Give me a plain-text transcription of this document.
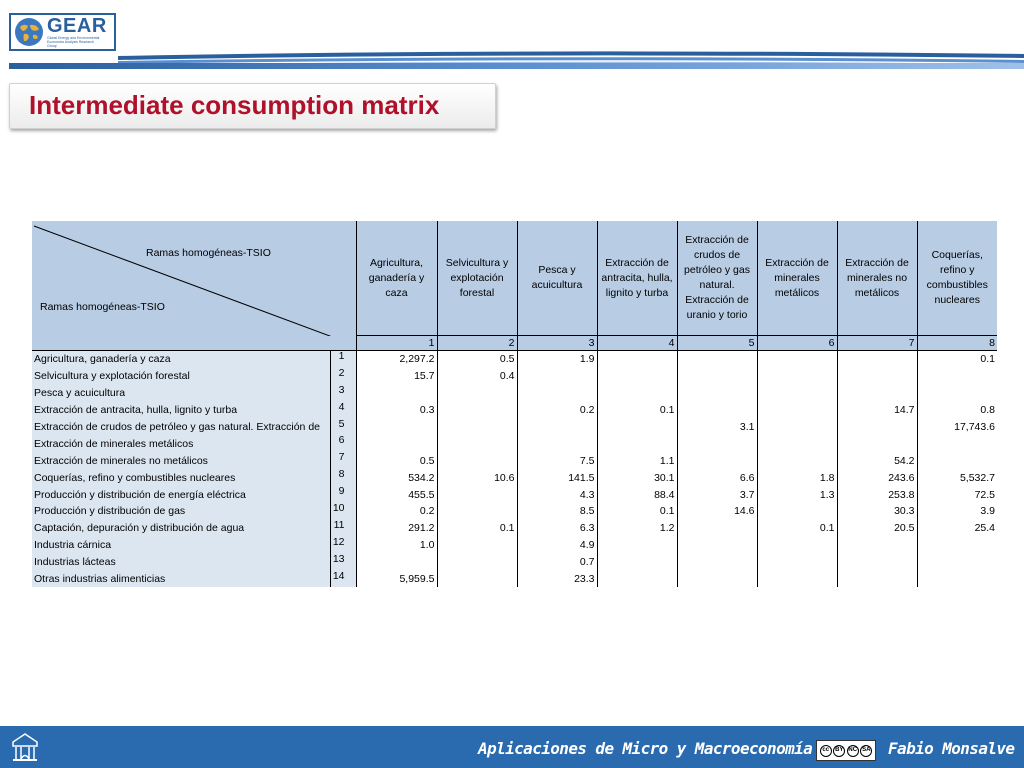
GEAR
Global Energy and Environmental Economics Analysis Research Group
Intermediate consumption matrix
Ramas homogéneas-TSIO
Ramas homogéneas-TSIO		Agricultura, ganadería y caza	Selvicultura y explotación forestal	Pesca y acuicultura	Extracción de antracita, hulla, lignito y turba	Extracción de crudos de petróleo y gas natural. Extracción de uranio y torio	Extracción de minerales metálicos	Extracción de minerales no metálicos	Coquerías, refino y combustibles nucleares
		1	2	3	4	5	6	7	8
Agricultura, ganadería y caza	1	2,297.2	0.5	1.9					0.1
Selvicultura y explotación forestal	2	15.7	0.4						
Pesca y acuicultura	3								
Extracción de antracita, hulla, lignito y turba	4	0.3		0.2	0.1			14.7	0.8
Extracción de crudos de petróleo y gas natural. Extracción de	5					3.1			17,743.6
Extracción de minerales metálicos	6								
Extracción de minerales no metálicos	7	0.5		7.5	1.1			54.2	
Coquerías, refino y combustibles nucleares	8	534.2	10.6	141.5	30.1	6.6	1.8	243.6	5,532.7
Producción y distribución de energía eléctrica	9	455.5		4.3	88.4	3.7	1.3	253.8	72.5
Producción y distribución de gas	10	0.2		8.5	0.1	14.6		30.3	3.9
Captación, depuración y distribución de agua	11	291.2	0.1	6.3	1.2		0.1	20.5	25.4
Industria cárnica	12	1.0		4.9					
Industrias lácteas	13			0.7					
Otras industrias alimenticias	14	5,959.5		23.3					
Aplicaciones de Micro y Macroeconomía	cc BY NC SA Fabio Monsalve
